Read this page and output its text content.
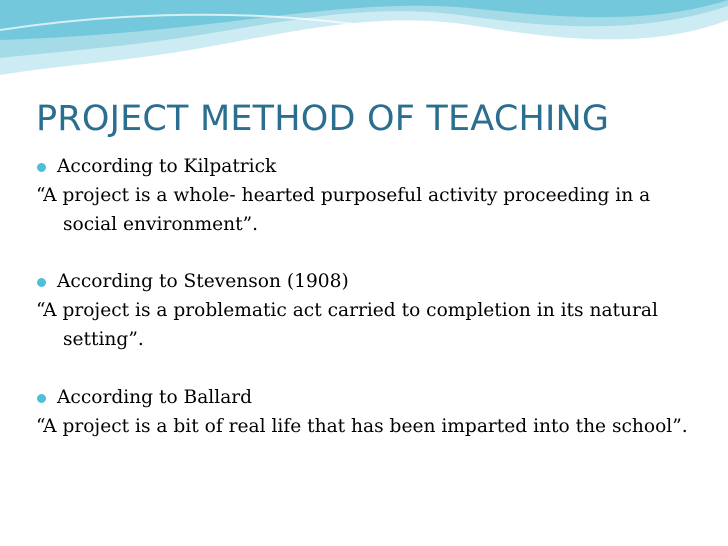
PROJECT METHOD OF TEACHING
According to Kilpatrick
“A project is a whole- hearted purposeful activity proceeding in a social environment”.
According to Stevenson (1908)
“A project is a problematic act carried to completion in its natural setting”.
According to Ballard
“A project is a bit of real life that has been imparted into the school”.
